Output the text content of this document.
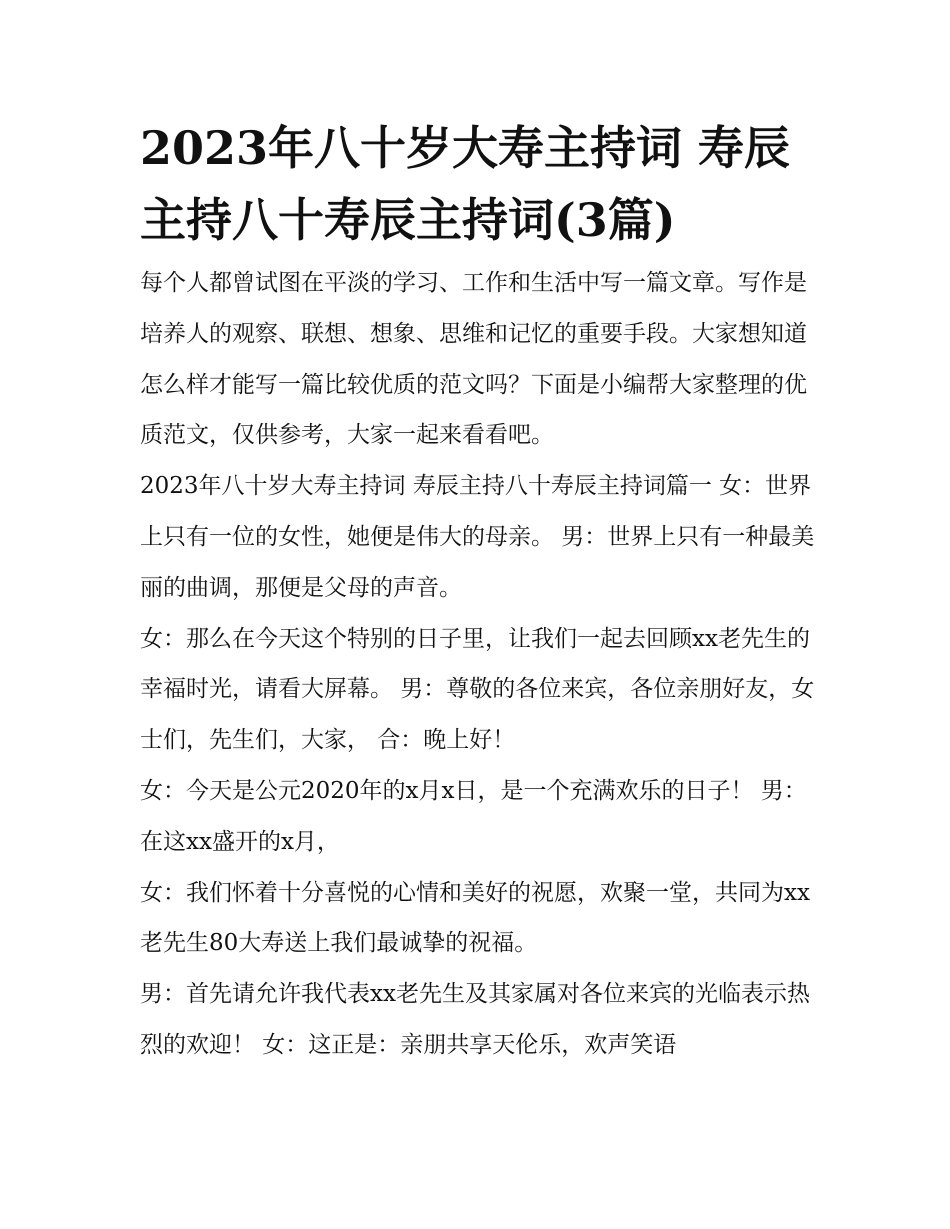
2023年八十岁大寿主持词 寿辰主持八十寿辰主持词(3篇)

每个人都曾试图在平淡的学习、工作和生活中写一篇文章。写作是培养人的观察、联想、想象、思维和记忆的重要手段。大家想知道怎么样才能写一篇比较优质的范文吗？下面是小编帮大家整理的优质范文，仅供参考，大家一起来看看吧。

2023年八十岁大寿主持词 寿辰主持八十寿辰主持词篇一 女：世界上只有一位的女性，她便是伟大的母亲。 男：世界上只有一种最美丽的曲调，那便是父母的声音。

女：那么在今天这个特别的日子里，让我们一起去回顾xx老先生的幸福时光，请看大屏幕。 男：尊敬的各位来宾，各位亲朋好友，女士们，先生们，大家， 合：晚上好！

女：今天是公元2020年的x月x日，是一个充满欢乐的日子！ 男：在这xx盛开的x月，

女：我们怀着十分喜悦的心情和美好的祝愿，欢聚一堂，共同为xx老先生80大寿送上我们最诚挚的祝福。

男：首先请允许我代表xx老先生及其家属对各位来宾的光临表示热烈的欢迎！ 女：这正是：亲朋共享天伦乐，欢声笑语
